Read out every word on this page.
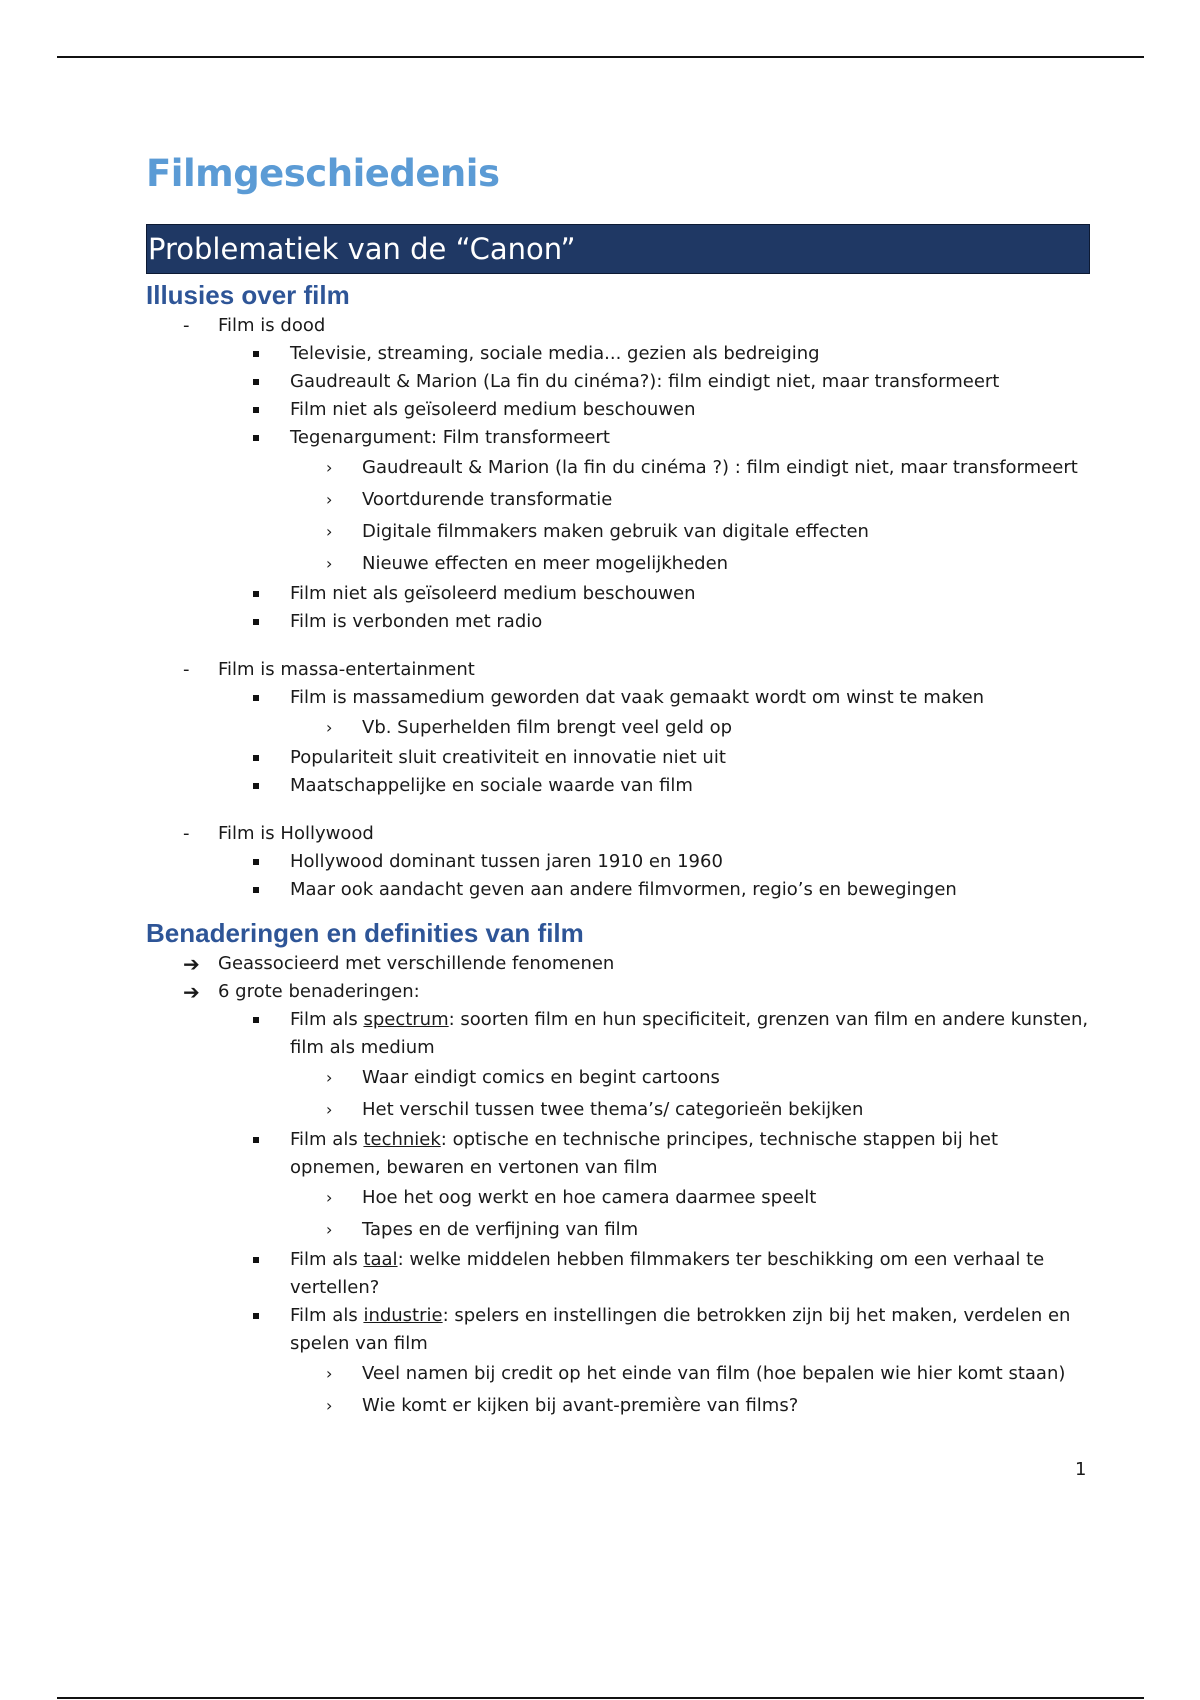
Filmgeschiedenis
Problematiek van de “Canon”
Illusies over film
-	Film is dood
Televisie, streaming, sociale media... gezien als bedreiging
Gaudreault & Marion (La fin du cinéma?): film eindigt niet, maar transformeert
Film niet als geïsoleerd medium beschouwen
Tegenargument: Film transformeert
› Gaudreault & Marion (la fin du cinéma ?) : film eindigt niet, maar transformeert
› Voortdurende transformatie
› Digitale filmmakers maken gebruik van digitale effecten
› Nieuwe effecten en meer mogelijkheden
Film niet als geïsoleerd medium beschouwen
Film is verbonden met radio
-	Film is massa-entertainment
Film is massamedium geworden dat vaak gemaakt wordt om winst te maken
› Vb. Superhelden film brengt veel geld op
Populariteit sluit creativiteit en innovatie niet uit
Maatschappelijke en sociale waarde van film
-	Film is Hollywood
Hollywood dominant tussen jaren 1910 en 1960
Maar ook aandacht geven aan andere filmvormen, regio’s en bewegingen
Benaderingen en definities van film
➔ Geassocieerd met verschillende fenomenen
➔ 6 grote benaderingen:
Film als spectrum: soorten film en hun specificiteit, grenzen van film en andere kunsten, film als medium
› Waar eindigt comics en begint cartoons
› Het verschil tussen twee thema’s/ categorieën bekijken
Film als techniek: optische en technische principes, technische stappen bij het opnemen, bewaren en vertonen van film
› Hoe het oog werkt en hoe camera daarmee speelt
› Tapes en de verfijning van film
Film als taal: welke middelen hebben filmmakers ter beschikking om een verhaal te vertellen?
Film als industrie: spelers en instellingen die betrokken zijn bij het maken, verdelen en spelen van film
› Veel namen bij credit op het einde van film (hoe bepalen wie hier komt staan)
› Wie komt er kijken bij avant-première van films?
1
